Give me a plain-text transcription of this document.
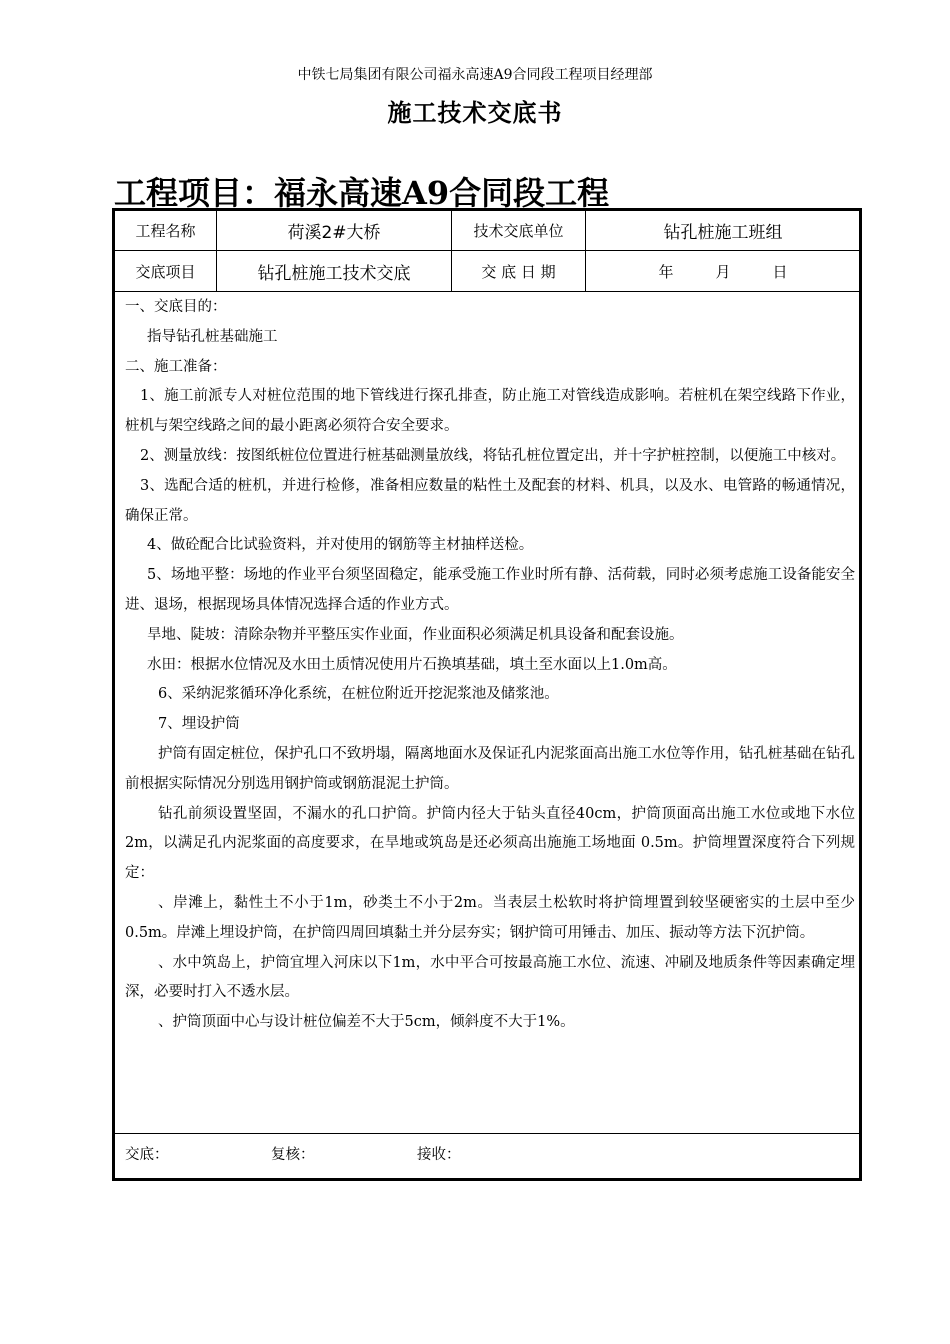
中铁七局集团有限公司福永高速A9合同段工程项目经理部
施工技术交底书
工程项目：福永高速A9合同段工程
工程名称	荷溪2#大桥	技术交底单位	钻孔桩施工班组
交底项目	钻孔桩施工技术交底	交 底 日 期	年	月	日

一、交底目的：

指导钻孔桩基础施工

二、施工准备：

1、施工前派专人对桩位范围的地下管线进行探孔排查，防止施工对管线造成影响。若桩机在架空线路下作业，桩机与架空线路之间的最小距离必须符合安全要求。

2、测量放线：按图纸桩位位置进行桩基础测量放线，将钻孔桩位置定出，并十字护桩控制，以便施工中核对。

3、选配合适的桩机，并进行检修，准备相应数量的粘性土及配套的材料、机具，以及水、电管路的畅通情况，确保正常。

4、做砼配合比试验资料，并对使用的钢筋等主材抽样送检。

5、场地平整：场地的作业平台须坚固稳定，能承受施工作业时所有静、活荷载，同时必须考虑施工设备能安全进、退场，根据现场具体情况选择合适的作业方式。

旱地、陡坡：清除杂物并平整压实作业面，作业面积必须满足机具设备和配套设施。

水田：根据水位情况及水田土质情况使用片石换填基础，填土至水面以上1.0m高。

6、采纳泥浆循环净化系统，在桩位附近开挖泥浆池及储浆池。

7、埋设护筒

护筒有固定桩位，保护孔口不致坍塌，隔离地面水及保证孔内泥浆面高出施工水位等作用，钻孔桩基础在钻孔前根据实际情况分别选用钢护筒或钢筋混泥土护筒。

钻孔前须设置坚固，不漏水的孔口护筒。护筒内径大于钻头直径40cm，护筒顶面高出施工水位或地下水位2m，以满足孔内泥浆面的高度要求，在旱地或筑岛是还必须高出施施工场地面 0.5m。护筒埋置深度符合下列规定：

、岸滩上，黏性土不小于1m，砂类土不小于2m。当表层土松软时将护筒埋置到较坚硬密实的土层中至少0.5m。岸滩上埋设护筒，在护筒四周回填黏土并分层夯实；钢护筒可用锤击、加压、振动等方法下沉护筒。

、水中筑岛上，护筒宜埋入河床以下1m，水中平合可按最高施工水位、流速、冲刷及地质条件等因素确定埋深，必要时打入不透水层。

、护筒顶面中心与设计桩位偏差不大于5cm，倾斜度不大于1%。

交底：	复核：	接收：
